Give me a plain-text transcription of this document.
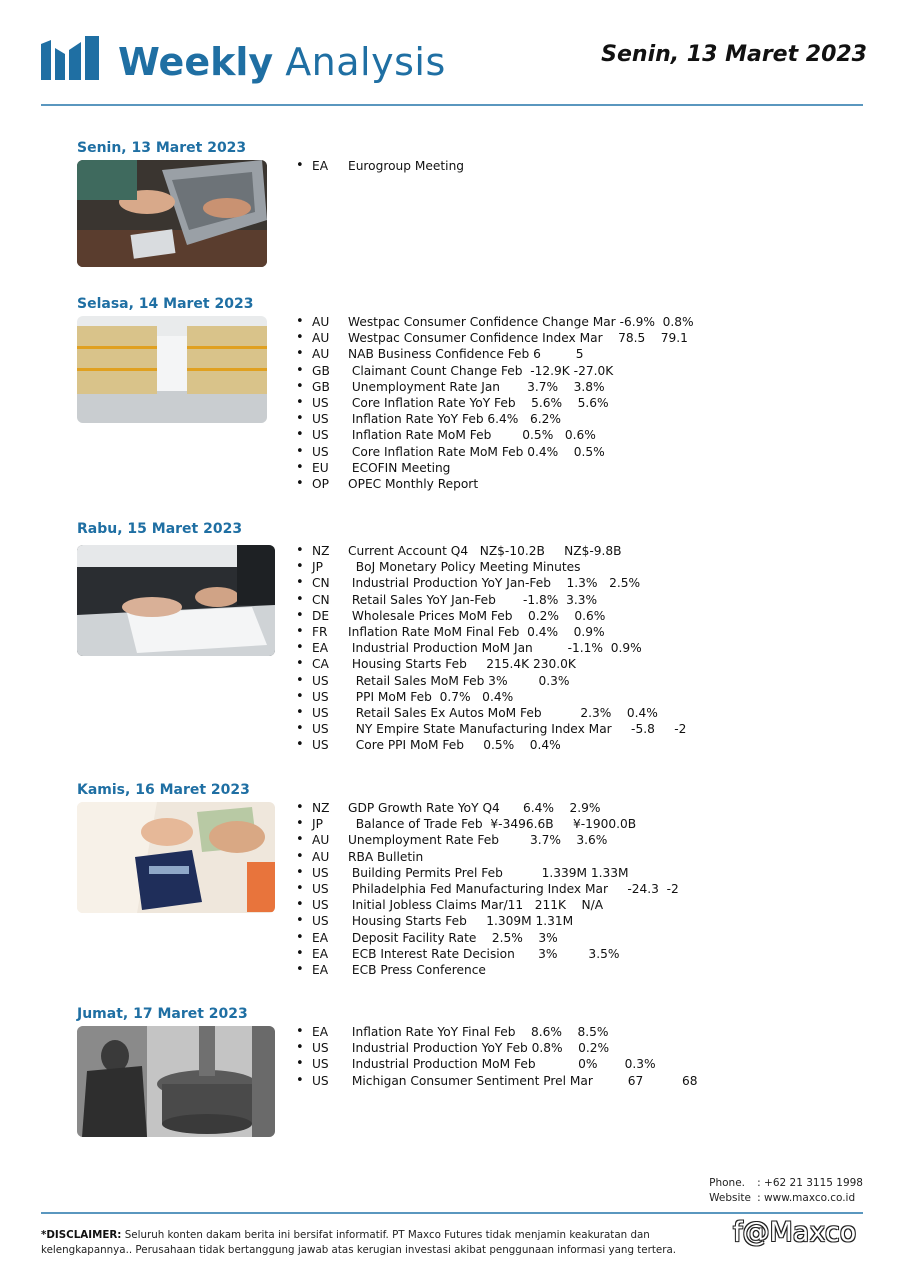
Weekly Analysis	Senin, 13 Maret 2023
Senin, 13 Maret 2023
• EA Eurogroup Meeting
Selasa, 14 Maret 2023
• AU Westpac Consumer Confidence Change Mar -6.9%  0.8%
• AU Westpac Consumer Confidence Index Mar    78.5    79.1
• AU NAB Business Confidence Feb 6         5
• GB Claimant Count Change Feb  -12.9K -27.0K
• GB Unemployment Rate Jan       3.7%    3.8%
• US Core Inflation Rate YoY Feb    5.6%    5.6%
• US Inflation Rate YoY Feb 6.4%   6.2%
• US Inflation Rate MoM Feb        0.5%   0.6%
• US Core Inflation Rate MoM Feb 0.4%    0.5%
• EU ECOFIN Meeting
• OP OPEC Monthly Report
Rabu, 15 Maret 2023
• NZ Current Account Q4   NZ$-10.2B     NZ$-9.8B
• JP  BoJ Monetary Policy Meeting Minutes
• CN Industrial Production YoY Jan-Feb    1.3%   2.5%
• CN Retail Sales YoY Jan-Feb       -1.8%  3.3%
• DE Wholesale Prices MoM Feb    0.2%    0.6%
• FR Inflation Rate MoM Final Feb  0.4%    0.9%
• EA Industrial Production MoM Jan         -1.1%  0.9%
• CA Housing Starts Feb     215.4K 230.0K
• US  Retail Sales MoM Feb 3%        0.3%
• US  PPI MoM Feb  0.7%   0.4%
• US  Retail Sales Ex Autos MoM Feb          2.3%    0.4%
• US  NY Empire State Manufacturing Index Mar     -5.8     -2
• US  Core PPI MoM Feb     0.5%    0.4%
Kamis, 16 Maret 2023
• NZ GDP Growth Rate YoY Q4      6.4%    2.9%
• JP  Balance of Trade Feb  ¥-3496.6B     ¥-1900.0B
• AU Unemployment Rate Feb        3.7%    3.6%
• AU RBA Bulletin
• US Building Permits Prel Feb          1.339M 1.33M
• US Philadelphia Fed Manufacturing Index Mar     -24.3  -2
• US Initial Jobless Claims Mar/11   211K    N/A
• US Housing Starts Feb     1.309M 1.31M
• EA Deposit Facility Rate    2.5%    3%
• EA ECB Interest Rate Decision      3%        3.5%
• EA ECB Press Conference
Jumat, 17 Maret 2023
• EA Inflation Rate YoY Final Feb    8.6%    8.5%
• US Industrial Production YoY Feb 0.8%    0.2%
• US Industrial Production MoM Feb           0%       0.3%
• US Michigan Consumer Sentiment Prel Mar         67          68
Phone. : +62 21 3115 1998
Website : www.maxco.co.id
*DISCLAIMER: Seluruh konten dakam berita ini bersifat informatif. PT Maxco Futures tidak menjamin keakuratan dan kelengkapannya.. Perusahaan tidak bertanggung jawab atas kerugian investasi akibat penggunaan informasi yang tertera.
f@Maxco
